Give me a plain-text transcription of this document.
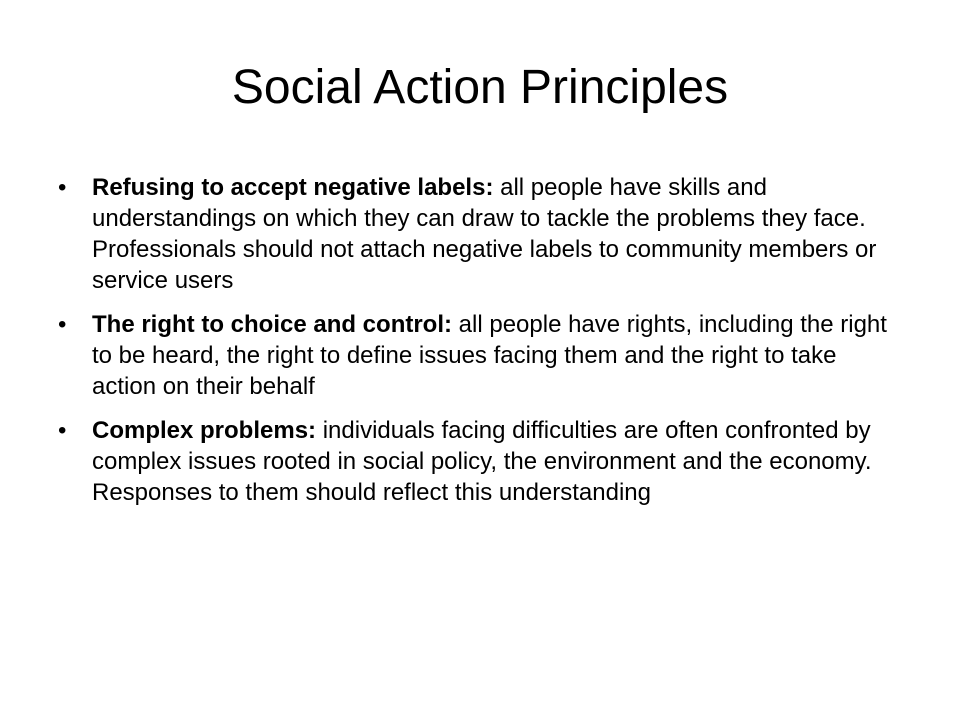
Social Action Principles
• Refusing to accept negative labels: all people have skills and understandings on which they can draw to tackle the problems they face. Professionals should not attach negative labels to community members or service users
• The right to choice and control: all people have rights, including the right to be heard, the right to define issues facing them and the right to take action on their behalf
• Complex problems: individuals facing difficulties are often confronted by complex issues rooted in social policy, the environment and the economy. Responses to them should reflect this understanding
